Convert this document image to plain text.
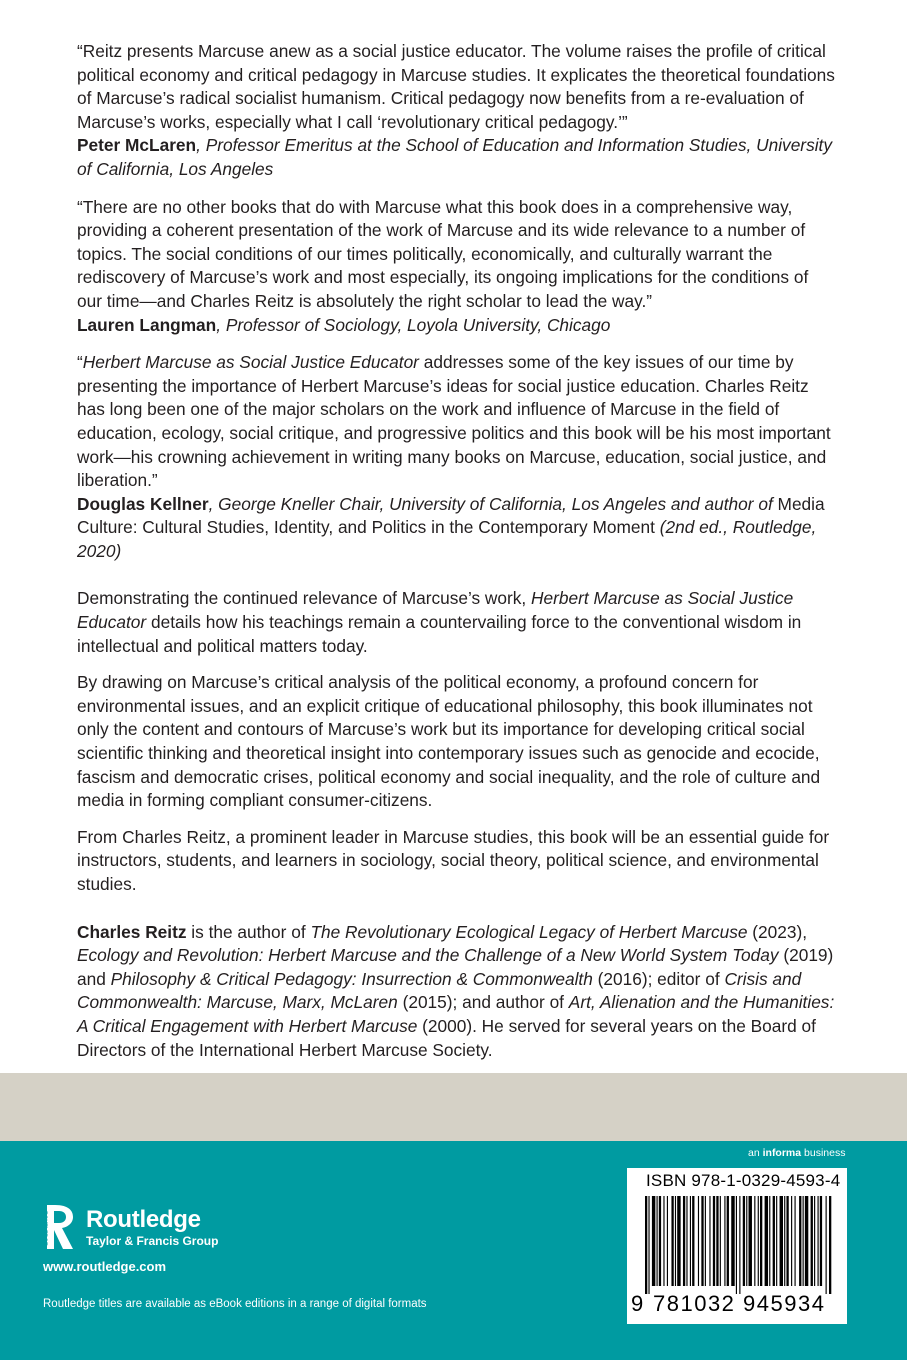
“Reitz presents Marcuse anew as a social justice educator. The volume raises the profile of critical political economy and critical pedagogy in Marcuse studies. It explicates the theoretical foundations of Marcuse’s radical socialist humanism. Critical pedagogy now benefits from a re-evaluation of Marcuse’s works, especially what I call ‘revolutionary critical pedagogy.’”
Peter McLaren, Professor Emeritus at the School of Education and Information Studies, University of California, Los Angeles

“There are no other books that do with Marcuse what this book does in a comprehensive way, providing a coherent presentation of the work of Marcuse and its wide relevance to a number of topics. The social conditions of our times politically, economically, and culturally warrant the rediscovery of Marcuse’s work and most especially, its ongoing implications for the conditions of our time—and Charles Reitz is absolutely the right scholar to lead the way.”
Lauren Langman, Professor of Sociology, Loyola University, Chicago

“Herbert Marcuse as Social Justice Educator addresses some of the key issues of our time by presenting the importance of Herbert Marcuse’s ideas for social justice education. Charles Reitz has long been one of the major scholars on the work and influence of Marcuse in the field of education, ecology, social critique, and progressive politics and this book will be his most important work—his crowning achievement in writing many books on Marcuse, education, social justice, and liberation.”
Douglas Kellner, George Kneller Chair, University of California, Los Angeles and author of Media Culture: Cultural Studies, Identity, and Politics in the Contemporary Moment (2nd ed., Routledge, 2020)

Demonstrating the continued relevance of Marcuse’s work, Herbert Marcuse as Social Justice Educator details how his teachings remain a countervailing force to the conventional wisdom in intellectual and political matters today.

By drawing on Marcuse’s critical analysis of the political economy, a profound concern for environmental issues, and an explicit critique of educational philosophy, this book illuminates not only the content and contours of Marcuse’s work but its importance for developing critical social scientific thinking and theoretical insight into contemporary issues such as genocide and ecocide, fascism and democratic crises, political economy and social inequality, and the role of culture and media in forming compliant consumer-citizens.

From Charles Reitz, a prominent leader in Marcuse studies, this book will be an essential guide for instructors, students, and learners in sociology, social theory, political science, and environmental studies.

Charles Reitz is the author of The Revolutionary Ecological Legacy of Herbert Marcuse (2023), Ecology and Revolution: Herbert Marcuse and the Challenge of a New World System Today (2019) and Philosophy & Critical Pedagogy: Insurrection & Commonwealth (2016); editor of Crisis and Commonwealth: Marcuse, Marx, McLaren (2015); and author of Art, Alienation and the Humanities: A Critical Engagement with Herbert Marcuse (2000). He served for several years on the Board of Directors of the International Herbert Marcuse Society.

ROUTLEDGE Routledge
Taylor & Francis Group
www.routledge.com
Routledge titles are available as eBook editions in a range of digital formats
an informa business
ISBN 978-1-0329-4593-4
9 781032 945934
